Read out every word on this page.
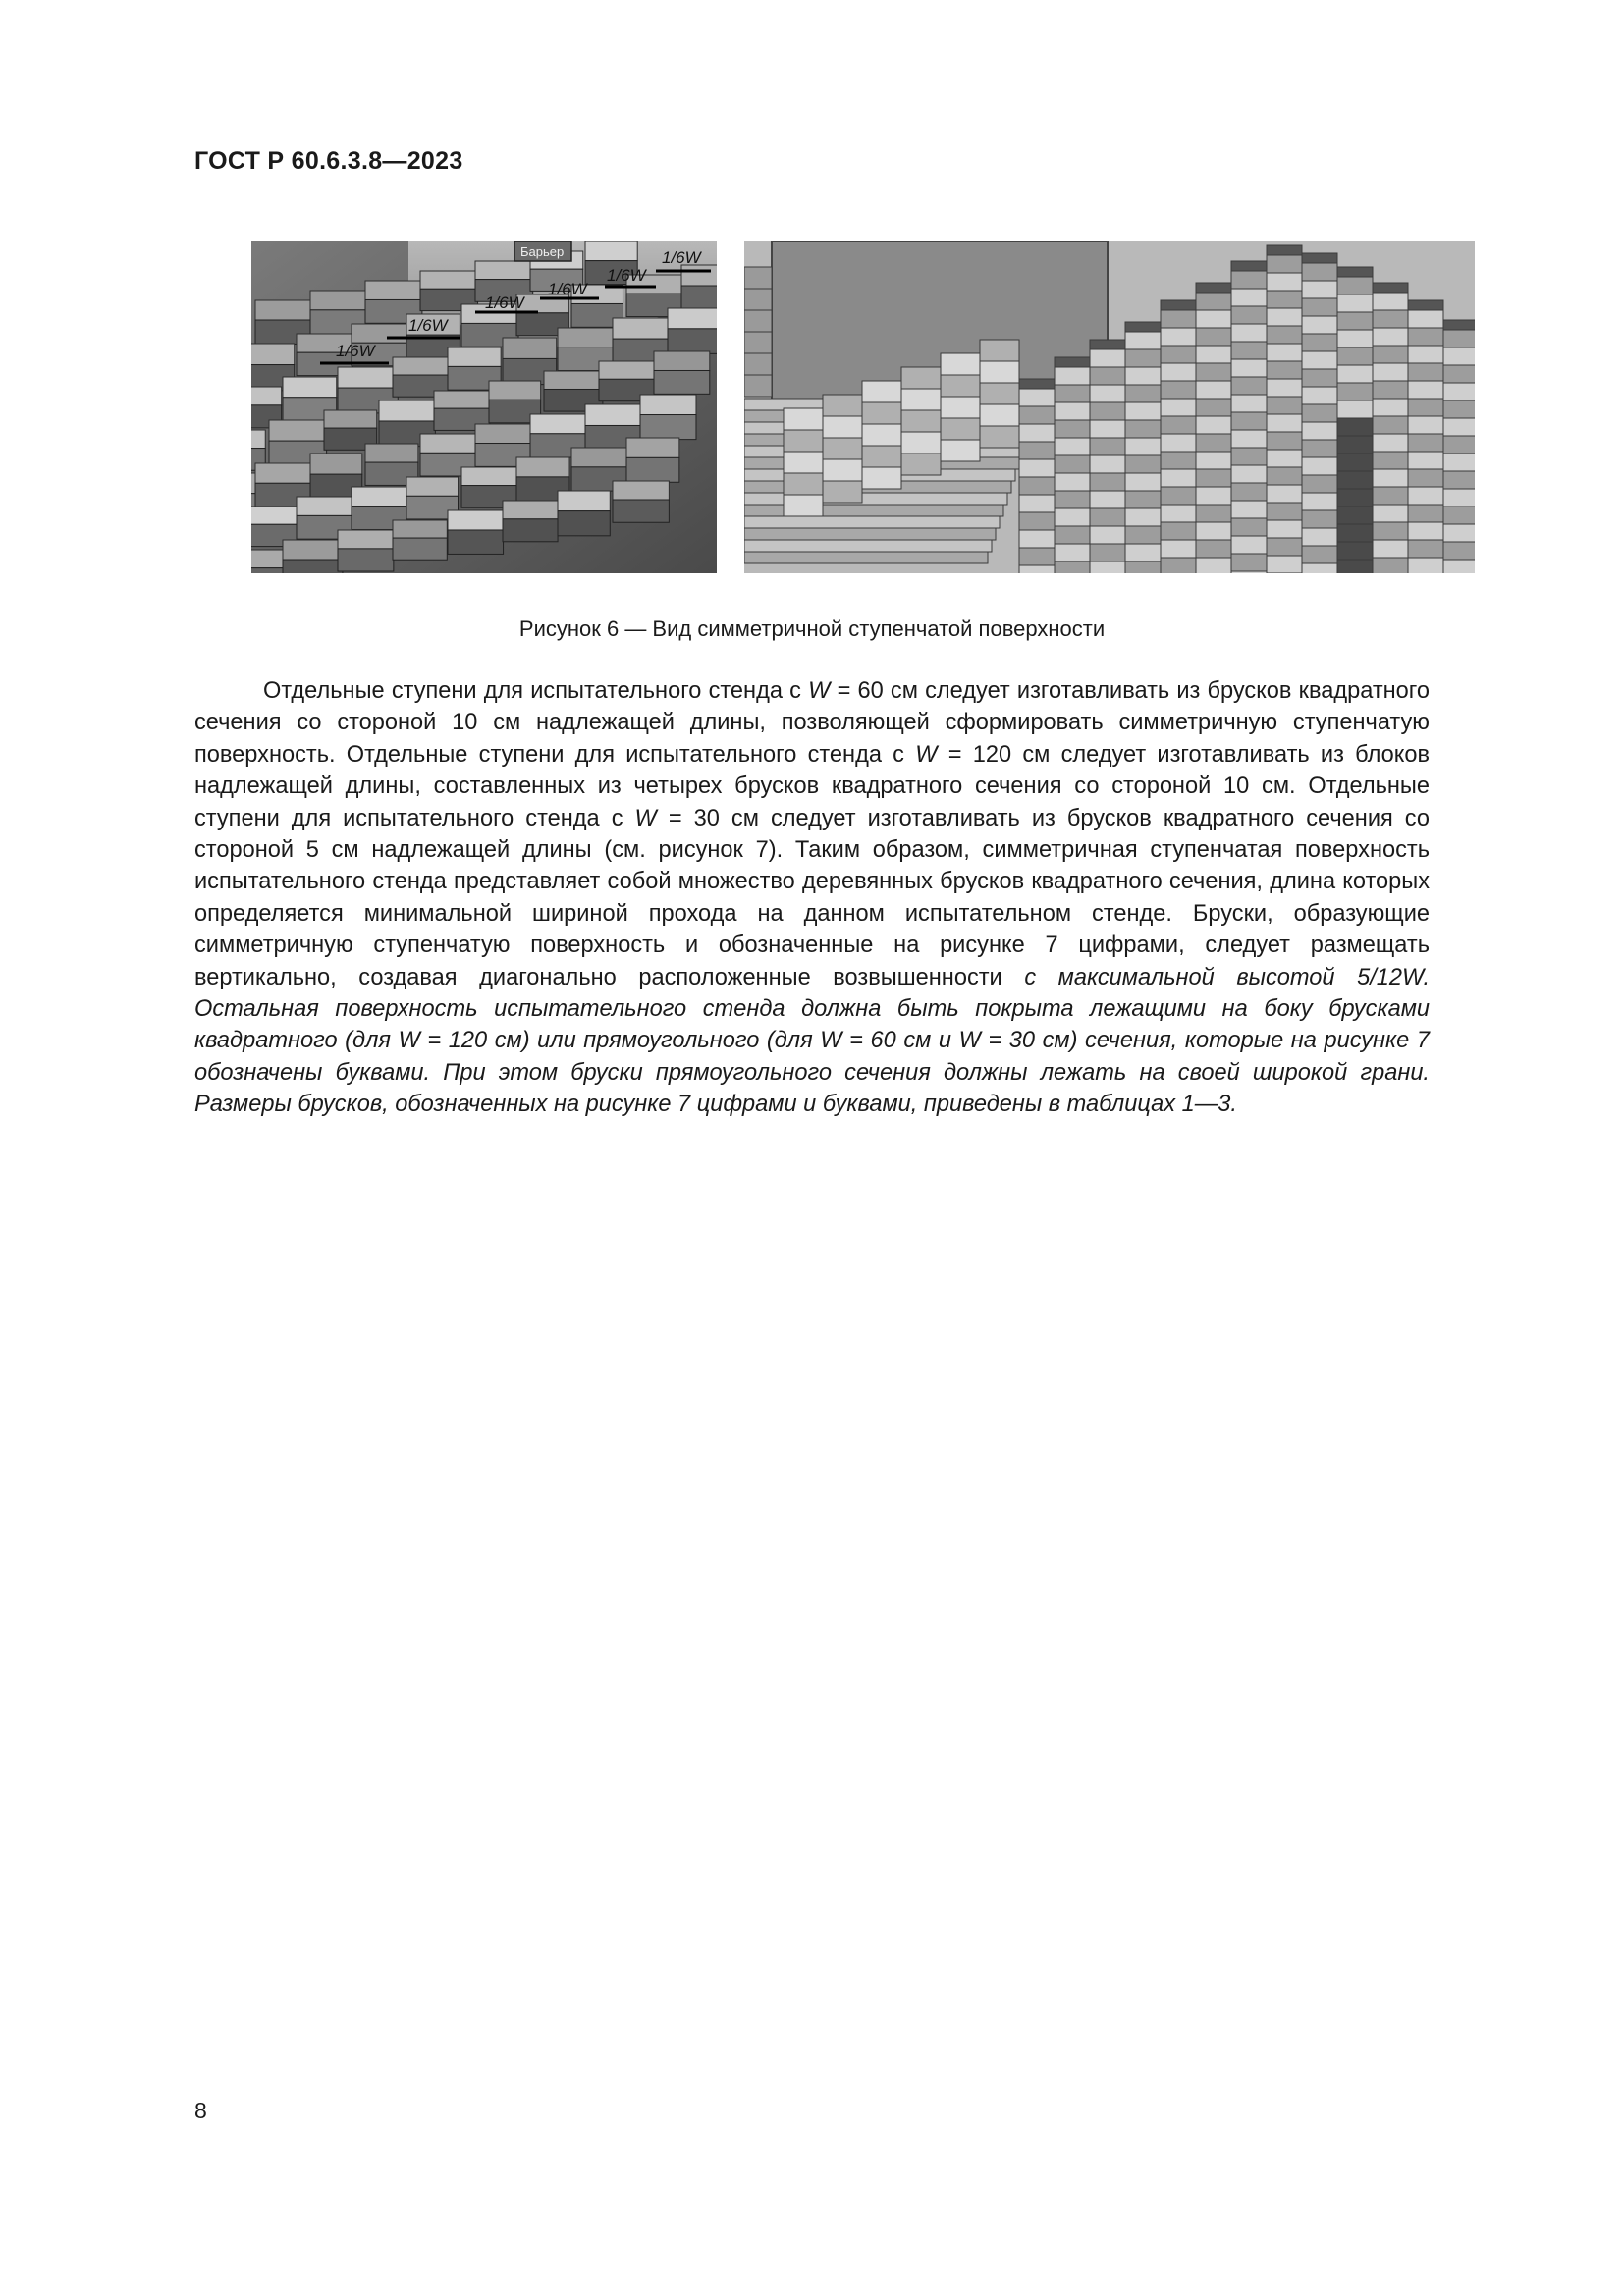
ГОСТ Р 60.6.3.8—2023
Барьер
1/6W
1/6W
1/6W
1/6W
1/6W
1/6W
Рисунок 6 — Вид симметричной ступенчатой поверхности

Отдельные ступени для испытательного стенда с W = 60 см следует изготавливать из брусков квадратного сечения со стороной 10 см надлежащей длины, позволяющей сформировать симметричную ступенчатую поверхность. Отдельные ступени для испытательного стенда с W = 120 см следует изготавливать из блоков надлежащей длины, составленных из четырех брусков квадратного сечения со стороной 10 см. Отдельные ступени для испытательного стенда с W = 30 см следует изготавливать из брусков квадратного сечения со стороной 5 см надлежащей длины (см. рисунок 7). Таким образом, симметричная ступенчатая поверхность испытательного стенда представляет собой множество деревянных брусков квадратного сечения, длина которых определяется минимальной шириной прохода на данном испытательном стенде. Бруски, образующие симметричную ступенчатую поверхность и обозначенные на рисунке 7 цифрами, следует размещать вертикально, создавая диагонально расположенные возвышенности с максимальной высотой 5/12W. Остальная поверхность испытательного стенда должна быть покрыта лежащими на боку брусками квадратного (для W = 120 см) или прямоугольного (для W = 60 см и W = 30 см) сечения, которые на рисунке 7 обозначены буквами. При этом бруски прямоугольного сечения должны лежать на своей широкой грани. Размеры брусков, обозначенных на рисунке 7 цифрами и буквами, приведены в таблицах 1—3.

8
